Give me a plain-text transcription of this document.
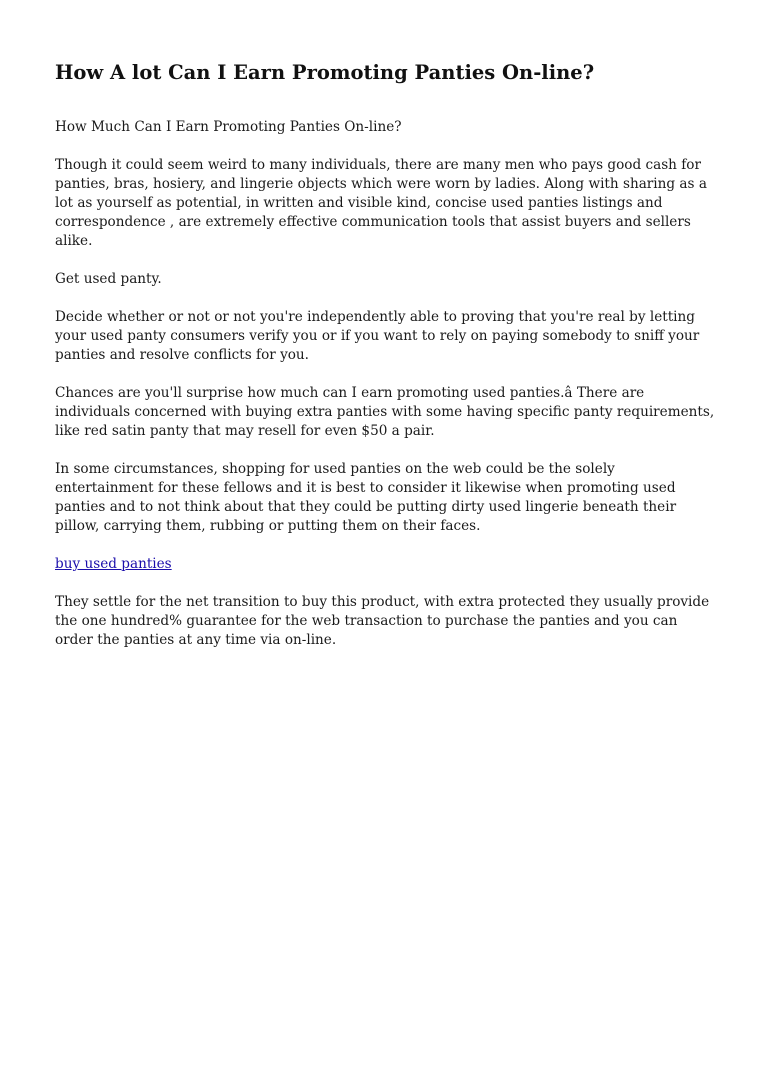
How A lot Can I Earn Promoting Panties On-line?

How Much Can I Earn Promoting Panties On-line?

Though it could seem weird to many individuals, there are many men who pays good cash for panties, bras, hosiery, and lingerie objects which were worn by ladies. Along with sharing as a lot as yourself as potential, in written and visible kind, concise used panties listings and correspondence , are extremely effective communication tools that assist buyers and sellers alike.

Get used panty.

Decide whether or not or not you're independently able to proving that you're real by letting your used panty consumers verify you or if you want to rely on paying somebody to sniff your panties and resolve conflicts for you.

Chances are you'll surprise how much can I earn promoting used panties.â There are individuals concerned with buying extra panties with some having specific panty requirements, like red satin panty that may resell for even $50 a pair.

In some circumstances, shopping for used panties on the web could be the solely entertainment for these fellows and it is best to consider it likewise when promoting used panties and to not think about that they could be putting dirty used lingerie beneath their pillow, carrying them, rubbing or putting them on their faces.

buy used panties

They settle for the net transition to buy this product, with extra protected they usually provide the one hundred% guarantee for the web transaction to purchase the panties and you can order the panties at any time via on-line.
